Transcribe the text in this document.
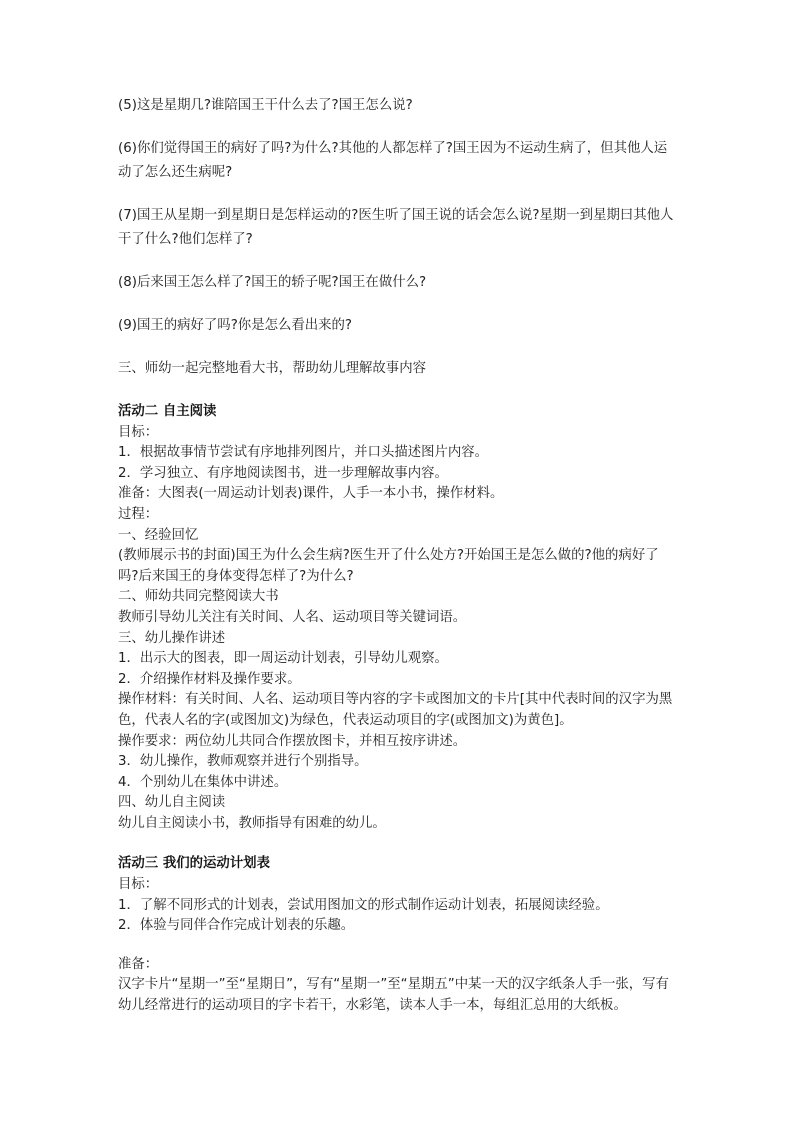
(5)这是星期几?谁陪国王干什么去了?国王怎么说?

(6)你们觉得国王的病好了吗?为什么?其他的人都怎样了?国王因为不运动生病了，但其他人运动了怎么还生病呢?

(7)国王从星期一到星期日是怎样运动的?医生听了国王说的话会怎么说?星期一到星期曰其他人干了什么?他们怎样了?

(8)后来国王怎么样了?国王的轿子呢?国王在做什么?

(9)国王的病好了吗?你是怎么看出来的?

三、师幼一起完整地看大书，帮助幼儿理解故事内容

活动二 自主阅读

目标：

1．根据故事情节尝试有序地排列图片，并口头描述图片内容。

2．学习独立、有序地阅读图书，进一步理解故事内容。

准备：大图表(一周运动计划表)课件，人手一本小书，操作材料。

过程：

一、经验回忆

(教师展示书的封面)国王为什么会生病?医生开了什么处方?开始国王是怎么做的?他的病好了吗?后来国王的身体变得怎样了?为什么?

二、师幼共同完整阅读大书

教师引导幼儿关注有关时间、人名、运动项目等关键词语。

三、幼儿操作讲述

1．出示大的图表，即一周运动计划表，引导幼儿观察。

2．介绍操作材料及操作要求。

操作材料：有关时间、人名、运动项目等内容的字卡或图加文的卡片[其中代表时间的汉字为黑色，代表人名的字(或图加文)为绿色，代表运动项目的字(或图加文)为黄色]。

操作要求：两位幼儿共同合作摆放图卡，并相互按序讲述。

3．幼儿操作，教师观察并进行个别指导。

4．个别幼儿在集体中讲述。

四、幼儿自主阅读

幼儿自主阅读小书，教师指导有困难的幼儿。

活动三 我们的运动计划表

目标：

1．了解不同形式的计划表，尝试用图加文的形式制作运动计划表，拓展阅读经验。

2．体验与同伴合作完成计划表的乐趣。

准备：

汉字卡片“星期一”至“星期日”，写有“星期一”至“星期五”中某一天的汉字纸条人手一张，写有幼儿经常进行的运动项目的字卡若干，水彩笔，读本人手一本，每组汇总用的大纸板。
